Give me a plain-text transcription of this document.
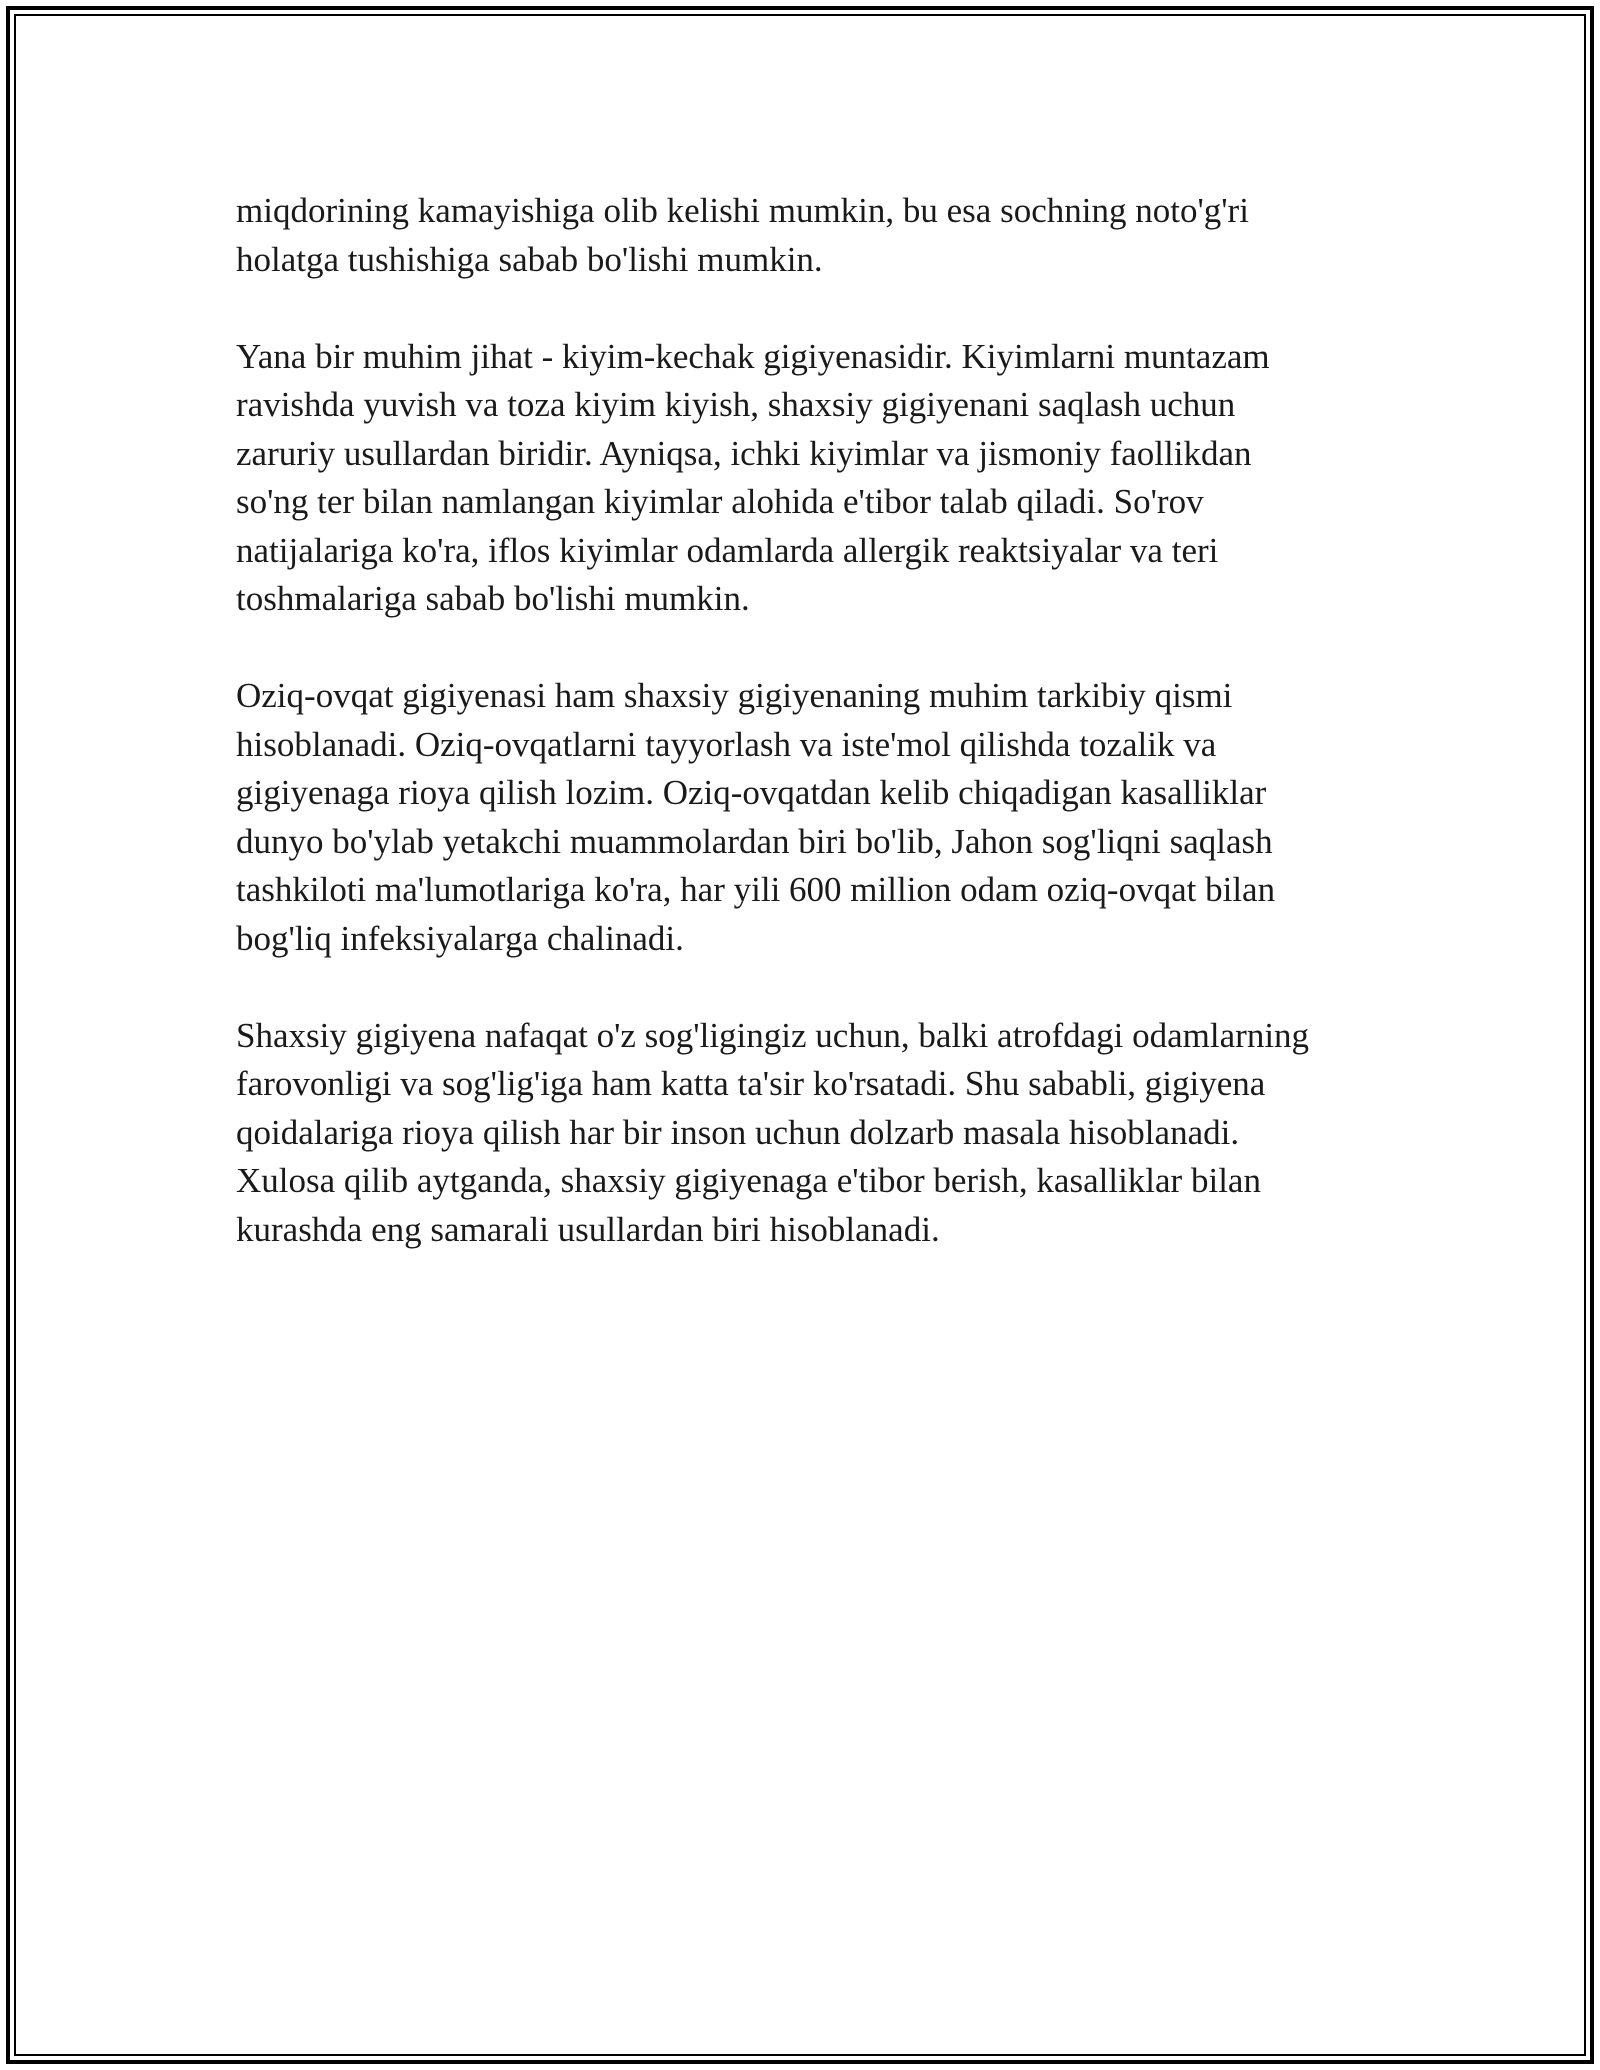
miqdorining kamayishiga olib kelishi mumkin, bu esa sochning noto'g'ri
holatga tushishiga sabab bo'lishi mumkin.

Yana bir muhim jihat - kiyim-kechak gigiyenasidir. Kiyimlarni muntazam
ravishda yuvish va toza kiyim kiyish, shaxsiy gigiyenani saqlash uchun
zaruriy usullardan biridir. Ayniqsa, ichki kiyimlar va jismoniy faollikdan
so'ng ter bilan namlangan kiyimlar alohida e'tibor talab qiladi. So'rov
natijalariga ko'ra, iflos kiyimlar odamlarda allergik reaktsiyalar va teri
toshmalariga sabab bo'lishi mumkin.

Oziq-ovqat gigiyenasi ham shaxsiy gigiyenaning muhim tarkibiy qismi
hisoblanadi. Oziq-ovqatlarni tayyorlash va iste'mol qilishda tozalik va
gigiyenaga rioya qilish lozim. Oziq-ovqatdan kelib chiqadigan kasalliklar
dunyo bo'ylab yetakchi muammolardan biri bo'lib, Jahon sog'liqni saqlash
tashkiloti ma'lumotlariga ko'ra, har yili 600 million odam oziq-ovqat bilan
bog'liq infeksiyalarga chalinadi.

Shaxsiy gigiyena nafaqat o'z sog'ligingiz uchun, balki atrofdagi odamlarning
farovonligi va sog'lig'iga ham katta ta'sir ko'rsatadi. Shu sababli, gigiyena
qoidalariga rioya qilish har bir inson uchun dolzarb masala hisoblanadi.
Xulosa qilib aytganda, shaxsiy gigiyenaga e'tibor berish, kasalliklar bilan
kurashda eng samarali usullardan biri hisoblanadi.
